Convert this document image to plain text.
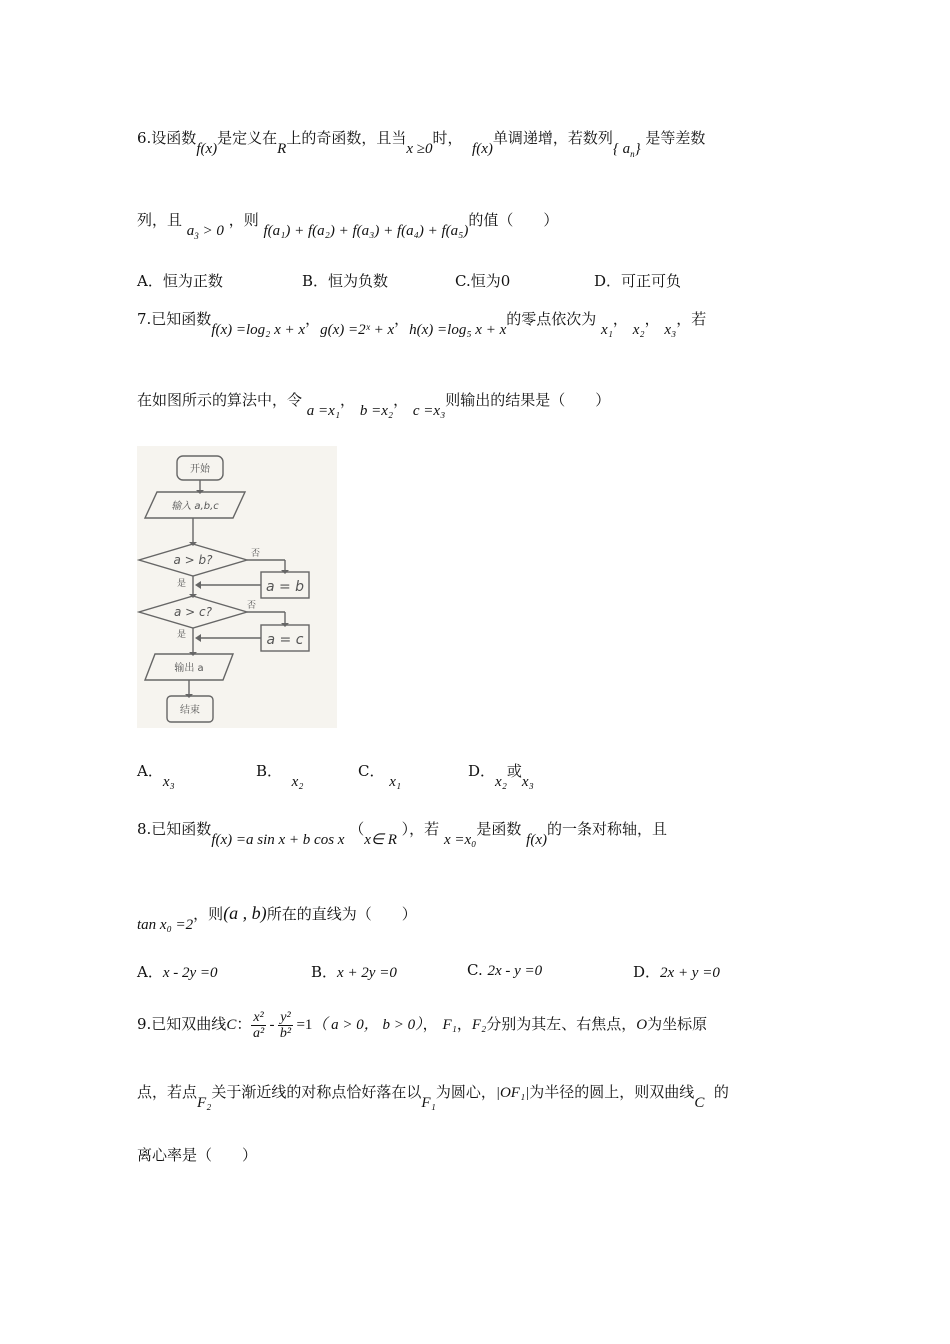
6.设函数f(x)是定义在R上的奇函数，且当x ≥0时，  f(x)单调递增，若数列{ $a_n$} 是等差数
列，且 $a_3 > 0$ ，则 f(a₁) + f(a₂) + f(a₃) + f(a₄) + f(a₅)的值（　　）
A．恒为正数	B．恒为负数	C.恒为0	D．可正可负
7.已知函数f(x) =log₂ x + x，g(x) =2ˣ + x，h(x) =log₅ x + x的零点依次为 x₁， x₂， x₃，若
在如图所示的算法中，令 a =x₁， b =x₂， c =x₃则输出的结果是（　　）
开始
输入 a,b,c
a > b?	否
是	a = b
a > c?	否
是	a = c
输出 a
结束
A．x₃
B．  x₂
C． x₁
D．x₂或x₃
8.已知函数f(x) =a sin x + b cos x （x∈ R ），若 x =x₀是函数 f(x)的一条对称轴，且
tan x₀ =2，则(a , b)所在的直线为（　　）
A．x - 2y =0	B．x + 2y =0	C. 2x - y =0	D．2x + y =0
9.已知双曲线C： $\frac{\text{x²}}{\text{a²}} - \frac{\text{y²}}{\text{b²}} =1$（ a > 0， b > 0）， F₁，F₂分别为其左、右焦点，O为坐标原
点，若点F₂关于渐近线的对称点恰好落在以F₁为圆心，|OF₁|为半径的圆上，则双曲线C  的
离心率是（　　）
